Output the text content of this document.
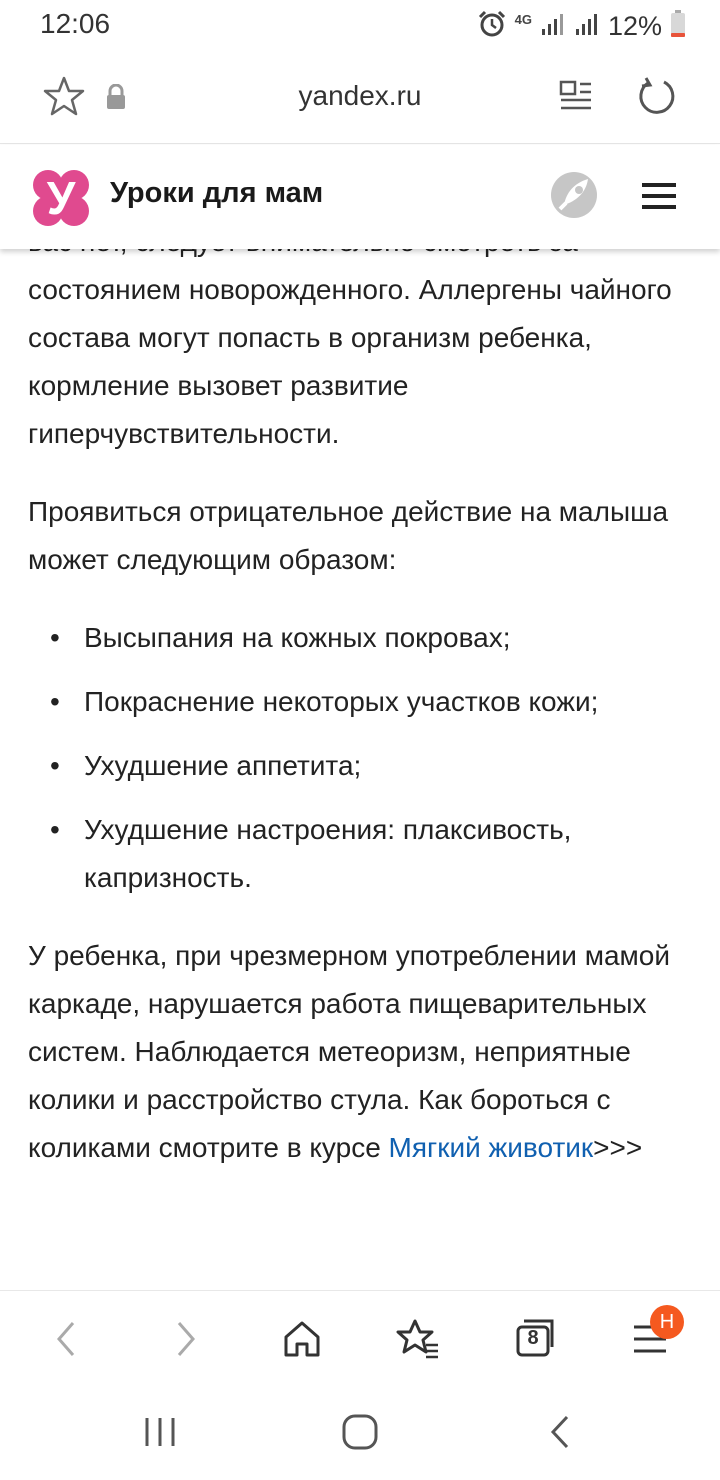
12:06	4G	12%
yandex.ru
У	Уроки для мам

состоянием новорожденного. Аллергены чайного состава могут попасть в организм ребенка, кормление вызовет развитие гиперчувствительности.

Проявиться отрицательное действие на малыша может следующим образом:

• Высыпания на кожных покровах;
• Покраснение некоторых участков кожи;
• Ухудшение аппетита;
• Ухудшение настроения: плаксивость, капризность.

У ребенка, при чрезмерном употреблении мамой каркаде, нарушается работа пищеварительных систем. Наблюдается метеоризм, неприятные колики и расстройство стула. Как бороться с коликами смотрите в курсе Мягкий животик>>>

8
Н
